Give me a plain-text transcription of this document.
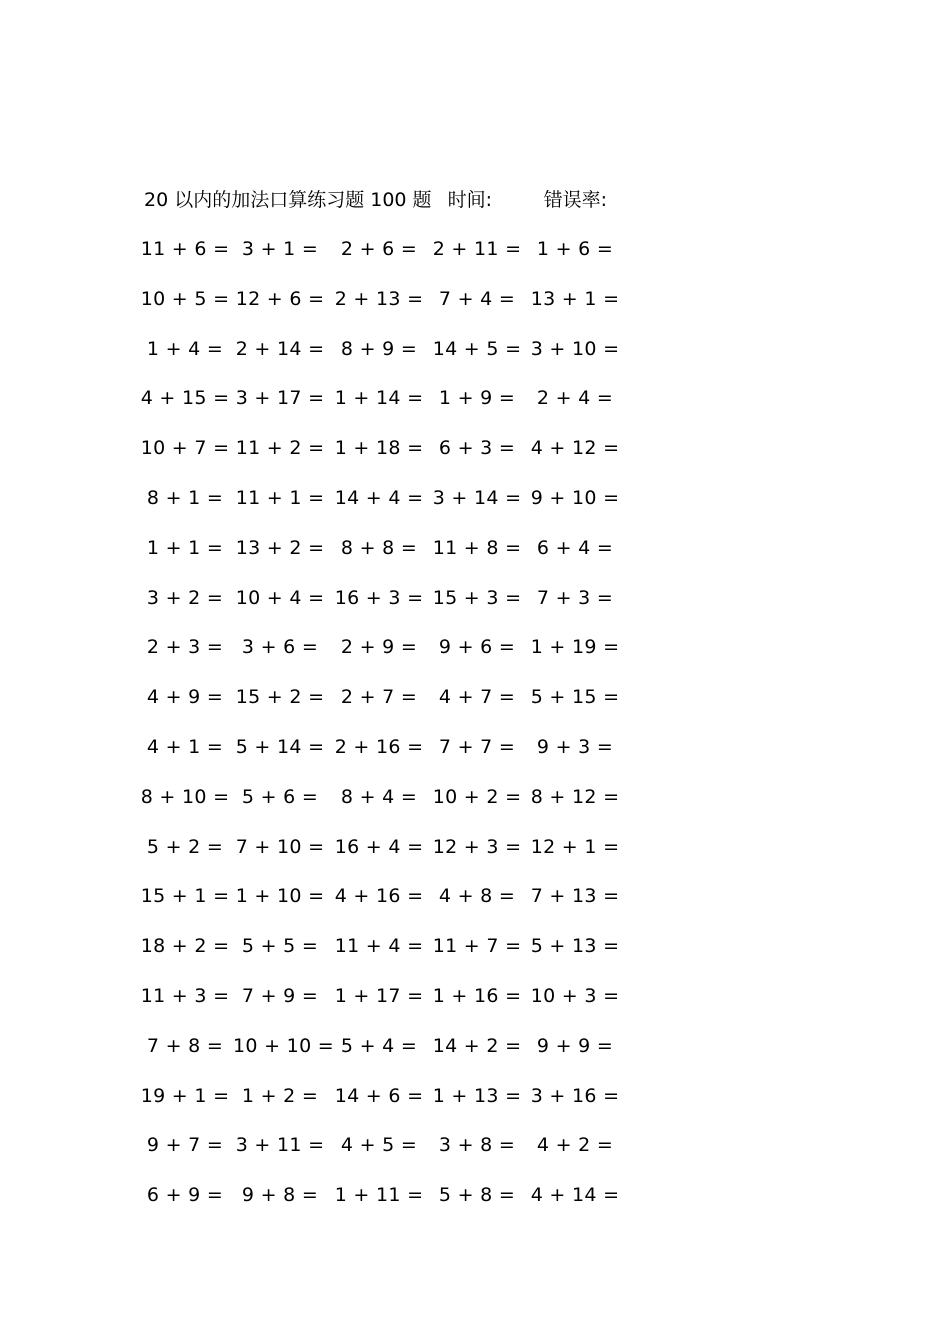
20 以内的加法口算练习题 100 题 时间:	错误率:
11 + 6 = 3 + 1 =	2 + 6 = 2 + 11 = 1 + 6 =
10 + 5 = 12 + 6 = 2 + 13 = 7 + 4 = 13 + 1 =
1 + 4 = 2 + 14 = 8 + 9 = 14 + 5 = 3 + 10 =
4 + 15 = 3 + 17 = 1 + 14 = 1 + 9 =	2 + 4 =
10 + 7 = 11 + 2 = 1 + 18 = 6 + 3 = 4 + 12 =
8 + 1 = 11 + 1 = 14 + 4 = 3 + 14 = 9 + 10 =
1 + 1 = 13 + 2 = 8 + 8 = 11 + 8 = 6 + 4 =
3 + 2 = 10 + 4 = 16 + 3 = 15 + 3 = 7 + 3 =
2 + 3 = 3 + 6 =	2 + 9 =	9 + 6 = 1 + 19 =
4 + 9 = 15 + 2 = 2 + 7 =	4 + 7 = 5 + 15 =
4 + 1 = 5 + 14 = 2 + 16 = 7 + 7 =	9 + 3 =
8 + 10 = 5 + 6 =	8 + 4 = 10 + 2 = 8 + 12 =
5 + 2 = 7 + 10 = 16 + 4 = 12 + 3 = 12 + 1 =
15 + 1 = 1 + 10 = 4 + 16 = 4 + 8 = 7 + 13 =
18 + 2 = 5 + 5 = 11 + 4 = 11 + 7 = 5 + 13 =
11 + 3 = 7 + 9 = 1 + 17 = 1 + 16 = 10 + 3 =
7 + 8 = 10 + 10 = 5 + 4 = 14 + 2 = 9 + 9 =
19 + 1 = 1 + 2 = 14 + 6 = 1 + 13 = 3 + 16 =
9 + 7 = 3 + 11 = 4 + 5 =	3 + 8 =	4 + 2 =
6 + 9 = 9 + 8 = 1 + 11 = 5 + 8 = 4 + 14 =
